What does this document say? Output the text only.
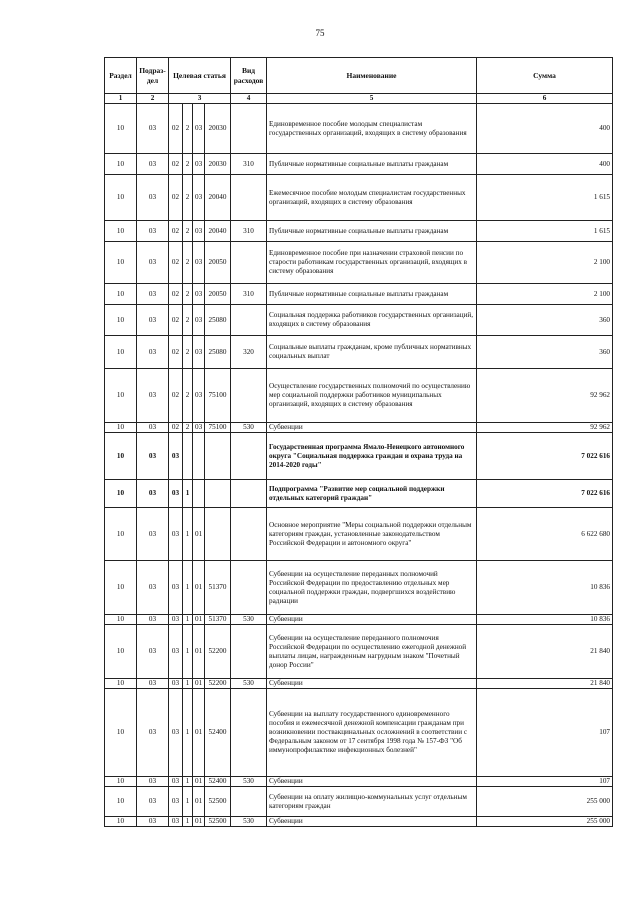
75
Раздел	Подраз-дел	Целевая статья				Вид расходов	Наименование	Сумма
1	2	3				4	5	6
10	03	02	2	03	20030		Единовременное пособие молодым специалистам государственных организаций, входящих в систему образования	400
10	03	02	2	03	20030	310	Публичные нормативные социальные выплаты гражданам	400
10	03	02	2	03	20040		Ежемесячное пособие молодым специалистам государственных организаций, входящих в систему образования	1 615
10	03	02	2	03	20040	310	Публичные нормативные социальные выплаты гражданам	1 615
10	03	02	2	03	20050		Единовременное пособие при назначении страховой пенсии по старости работникам государственных организаций, входящих в систему образования	2 100
10	03	02	2	03	20050	310	Публичные нормативные социальные выплаты гражданам	2 100
10	03	02	2	03	25080		Социальная поддержка работников государственных организаций, входящих в систему образования	360
10	03	02	2	03	25080	320	Социальные выплаты гражданам, кроме публичных нормативных социальных выплат	360
10	03	02	2	03	75100		Осуществление государственных полномочий по осуществлению мер социальной поддержки работников муниципальных организаций, входящих в систему образования	92 962
10	03	02	2	03	75100	530	Субвенции	92 962
10	03	03					Государственная программа Ямало-Ненецкого автономного округа "Социальная поддержка граждан и охрана труда на 2014-2020 годы"	7 022 616
10	03	03	1				Подпрограмма "Развитие мер социальной поддержки отдельных категорий граждан"	7 022 616
10	03	03	1	01			Основное мероприятие "Меры социальной поддержки отдельным категориям граждан, установленные законодательством Российской Федерации и автономного округа"	6 622 680
10	03	03	1	01	51370		Субвенции на осуществление переданных полномочий Российской Федерации по предоставлению отдельных мер социальной поддержки граждан, подвергшихся воздействию радиации	10 836
10	03	03	1	01	51370	530	Субвенции	10 836
10	03	03	1	01	52200		Субвенции на осуществление переданного полномочия Российской Федерации по осуществлению ежегодной денежной выплаты лицам, награжденным нагрудным знаком "Почетный донор России"	21 840
10	03	03	1	01	52200	530	Субвенции	21 840
10	03	03	1	01	52400		Субвенции на выплату государственного единовременного пособия и ежемесячной денежной компенсации гражданам при возникновении поствакцинальных осложнений в соответствии с Федеральным законом от 17 сентября 1998 года № 157-ФЗ "Об иммунопрофилактике инфекционных болезней"	107
10	03	03	1	01	52400	530	Субвенции	107
10	03	03	1	01	52500		Субвенции на оплату жилищно-коммунальных услуг отдельным категориям граждан	255 000
10	03	03	1	01	52500	530	Субвенции	255 000
